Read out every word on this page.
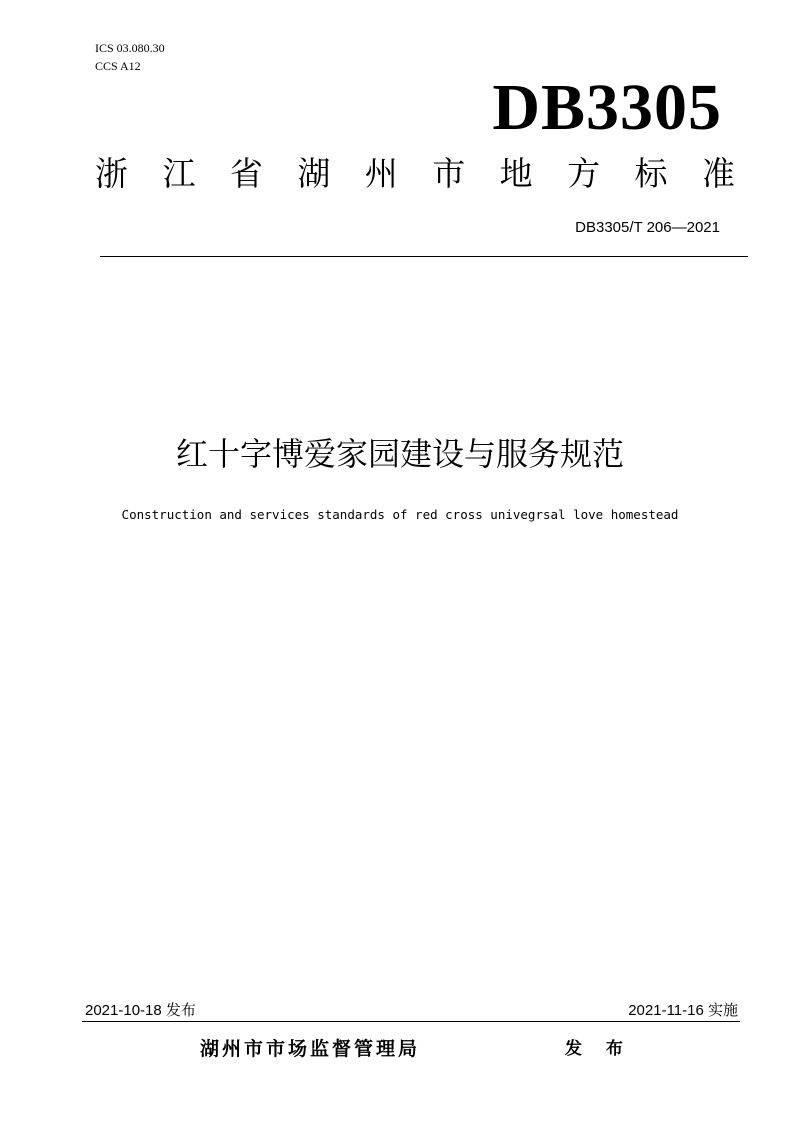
ICS 03.080.30
CCS A12
DB3305
浙 江 省 湖 州 市 地 方 标 准
DB3305/T 206—2021
红十字博爱家园建设与服务规范
Construction and services standards of red cross univegrsal love homestead
2021-10-18 发布	2021-11-16 实施
湖州市市场监督管理局	发 布
